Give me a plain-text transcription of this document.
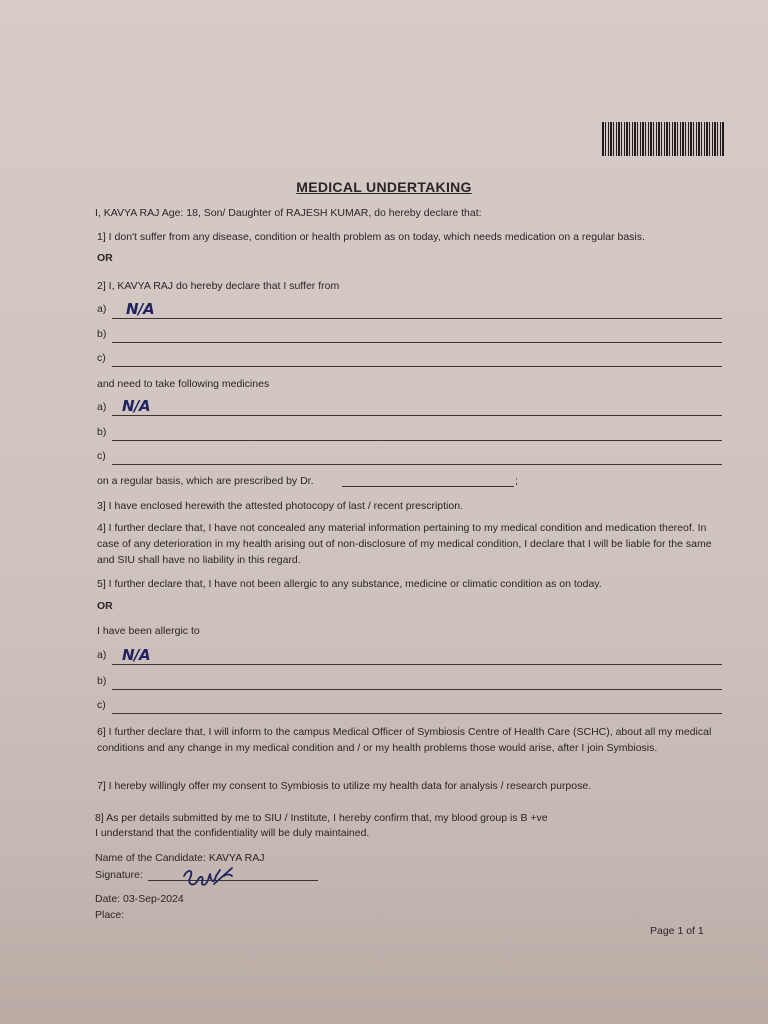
MEDICAL UNDERTAKING
I, KAVYA RAJ Age: 18, Son/ Daughter of RAJESH KUMAR, do hereby declare that:
1] I don't suffer from any disease, condition or health problem as on today, which needs medication on a regular basis.
OR
2] I, KAVYA RAJ do hereby declare that I suffer from
a) N/A
b)
c)
and need to take following medicines
a) N/A
b)
c)
on a regular basis, which are prescribed by Dr.	;
3] I have enclosed herewith the attested photocopy of last / recent prescription.
4] I further declare that, I have not concealed any material information pertaining to my medical condition and medication thereof. In case of any deterioration in my health arising out of non-disclosure of my medical condition, I declare that I will be liable for the same and SIU shall have no liability in this regard.
5] I further declare that, I have not been allergic to any substance, medicine or climatic condition as on today.
OR
I have been allergic to
a) N/A
b)
c)
6] I further declare that, I will inform to the campus Medical Officer of Symbiosis Centre of Health Care (SCHC), about all my medical conditions and any change in my medical condition and / or my health problems those would arise, after I join Symbiosis.
7] I hereby willingly offer my consent to Symbiosis to utilize my health data for analysis / research purpose.
8] As per details submitted by me to SIU / Institute, I hereby confirm that, my blood group is B +ve
I understand that the confidentiality will be duly maintained.
Name of the Candidate: KAVYA RAJ
Signature:
Date: 03-Sep-2024
Place:
Page 1 of 1
